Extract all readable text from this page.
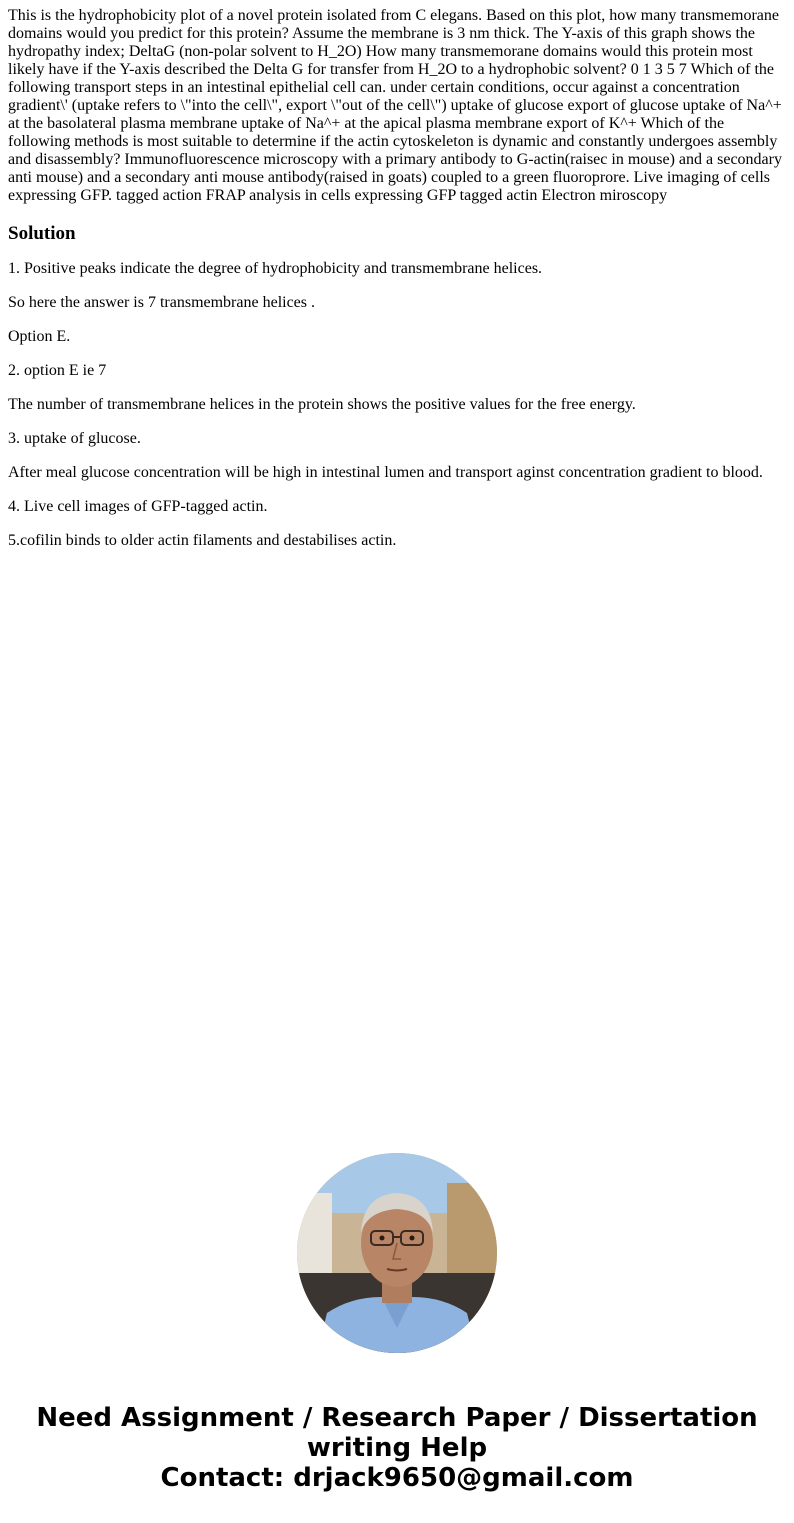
This is the hydrophobicity plot of a novel protein isolated from C elegans. Based on this plot, how many transmemorane domains would you predict for this protein? Assume the membrane is 3 nm thick. The Y-axis of this graph shows the hydropathy index; DeltaG (non-polar solvent to H_2O) How many transmemorane domains would this protein most likely have if the Y-axis described the Delta G for transfer from H_2O to a hydrophobic solvent? 0 1 3 5 7 Which of the following transport steps in an intestinal epithelial cell can. under certain conditions, occur against a concentration gradient\' (uptake refers to \"into the cell\", export \"out of the cell\") uptake of glucose export of glucose uptake of Na^+ at the basolateral plasma membrane uptake of Na^+ at the apical plasma membrane export of K^+ Which of the following methods is most suitable to determine if the actin cytoskeleton is dynamic and constantly undergoes assembly and disassembly? Immunofluorescence microscopy with a primary antibody to G-actin(raisec in mouse) and a secondary anti mouse) and a secondary anti mouse antibody(raised in goats) coupled to a green fluoroprore. Live imaging of cells expressing GFP. tagged action FRAP analysis in cells expressing GFP tagged actin Electron miroscopy

Solution

1. Positive peaks indicate the degree of hydrophobicity and transmembrane helices.

So here the answer is 7 transmembrane helices .

Option E.

2. option E ie 7

The number of transmembrane helices in the protein shows the positive values for the free energy.

3. uptake of glucose.

After meal glucose concentration will be high in intestinal lumen and transport aginst concentration gradient to blood.

4. Live cell images of GFP-tagged actin.

5.cofilin binds to older actin filaments and destabilises actin.

Need Assignment / Research Paper / Dissertation
writing Help
Contact: drjack9650@gmail.com
